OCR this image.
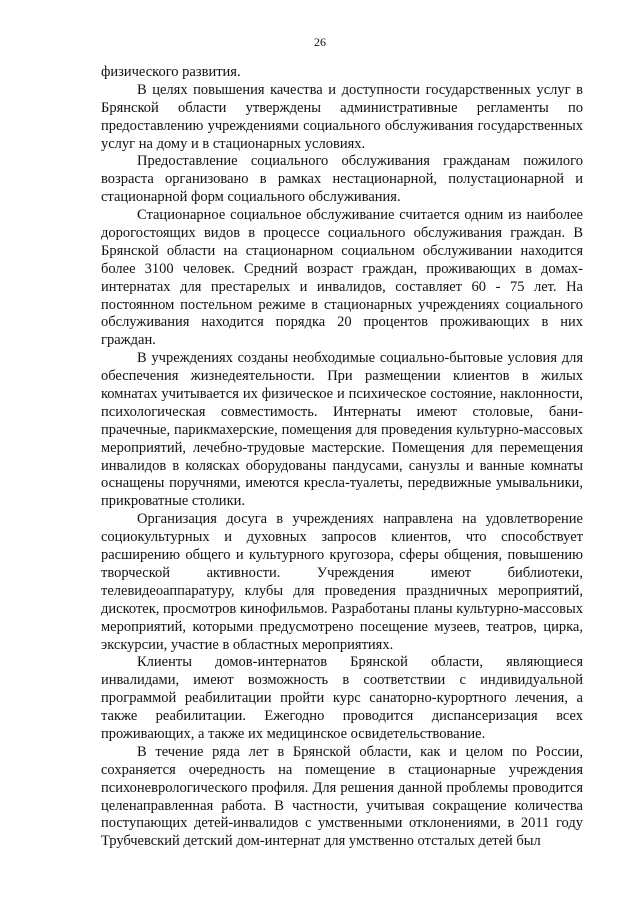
26
физического развития.
В целях повышения качества и доступности государственных услуг в
Брянской области утверждены административные регламенты по
предоставлению учреждениями социального обслуживания государственных
услуг на дому и в стационарных условиях.
Предоставление социального обслуживания гражданам пожилого
возраста организовано в рамках нестационарной, полустационарной и
стационарной форм социального обслуживания.
Стационарное социальное обслуживание считается одним из наиболее
дорогостоящих видов в процессе социального обслуживания граждан. В
Брянской области на стационарном социальном обслуживании находится
более 3100 человек. Средний возраст граждан, проживающих в домах-
интернатах для престарелых и инвалидов, составляет 60 - 75 лет. На
постоянном постельном режиме в стационарных учреждениях социального
обслуживания находится порядка 20 процентов проживающих в них
граждан.
В учреждениях созданы необходимые социально-бытовые условия для
обеспечения жизнедеятельности. При размещении клиентов в жилых
комнатах учитывается их физическое и психическое состояние, наклонности,
психологическая совместимость. Интернаты имеют столовые, бани-
прачечные, парикмахерские, помещения для проведения культурно-массовых
мероприятий, лечебно-трудовые мастерские. Помещения для перемещения
инвалидов в колясках оборудованы пандусами, санузлы и ванные комнаты
оснащены поручнями, имеются кресла-туалеты, передвижные умывальники,
прикроватные столики.
Организация досуга в учреждениях направлена на удовлетворение
социокультурных и духовных запросов клиентов, что способствует
расширению общего и культурного кругозора, сферы общения, повышению
творческой активности. Учреждения имеют библиотеки,
телевидеоаппаратуру, клубы для проведения праздничных мероприятий,
дискотек, просмотров кинофильмов. Разработаны планы культурно-массовых
мероприятий, которыми предусмотрено посещение музеев, театров, цирка,
экскурсии, участие в областных мероприятиях.
Клиенты домов-интернатов Брянской области, являющиеся
инвалидами, имеют возможность в соответствии с индивидуальной
программой реабилитации пройти курс санаторно-курортного лечения, а
также реабилитации. Ежегодно проводится диспансеризация всех
проживающих, а также их медицинское освидетельствование.
В течение ряда лет в Брянской области, как и целом по России,
сохраняется очередность на помещение в стационарные учреждения
психоневрологического профиля. Для решения данной проблемы проводится
целенаправленная работа. В частности, учитывая сокращение количества
поступающих детей-инвалидов с умственными отклонениями, в 2011 году
Трубчевский детский дом-интернат для умственно отсталых детей был
